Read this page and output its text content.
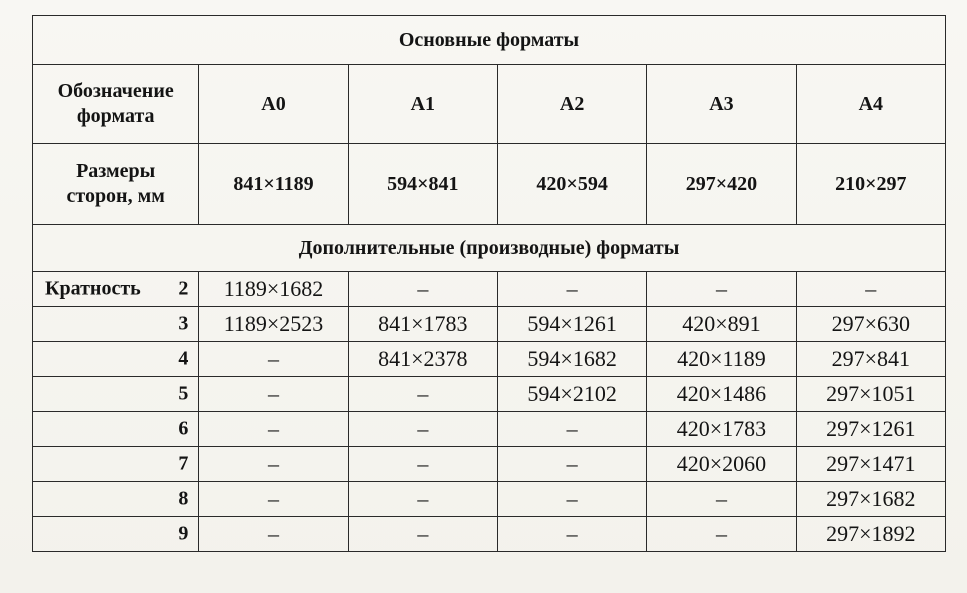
Основные форматы					
Обозначение
формата	А0	А1	А2	А3	А4
Размеры
сторон, мм	841×1189	594×841	420×594	297×420	210×297
Дополнительные (производные) форматы					

Кратность 2	1189×1682	–	–	–	–

3	1189×2523	841×1783	594×1261	420×891	297×630

4	–	841×2378	594×1682	420×1189	297×841

5	–	–	594×2102	420×1486	297×1051

6	–	–	–	420×1783	297×1261

7	–	–	–	420×2060	297×1471

8	–	–	–	–	297×1682

9	–	–	–	–	297×1892
